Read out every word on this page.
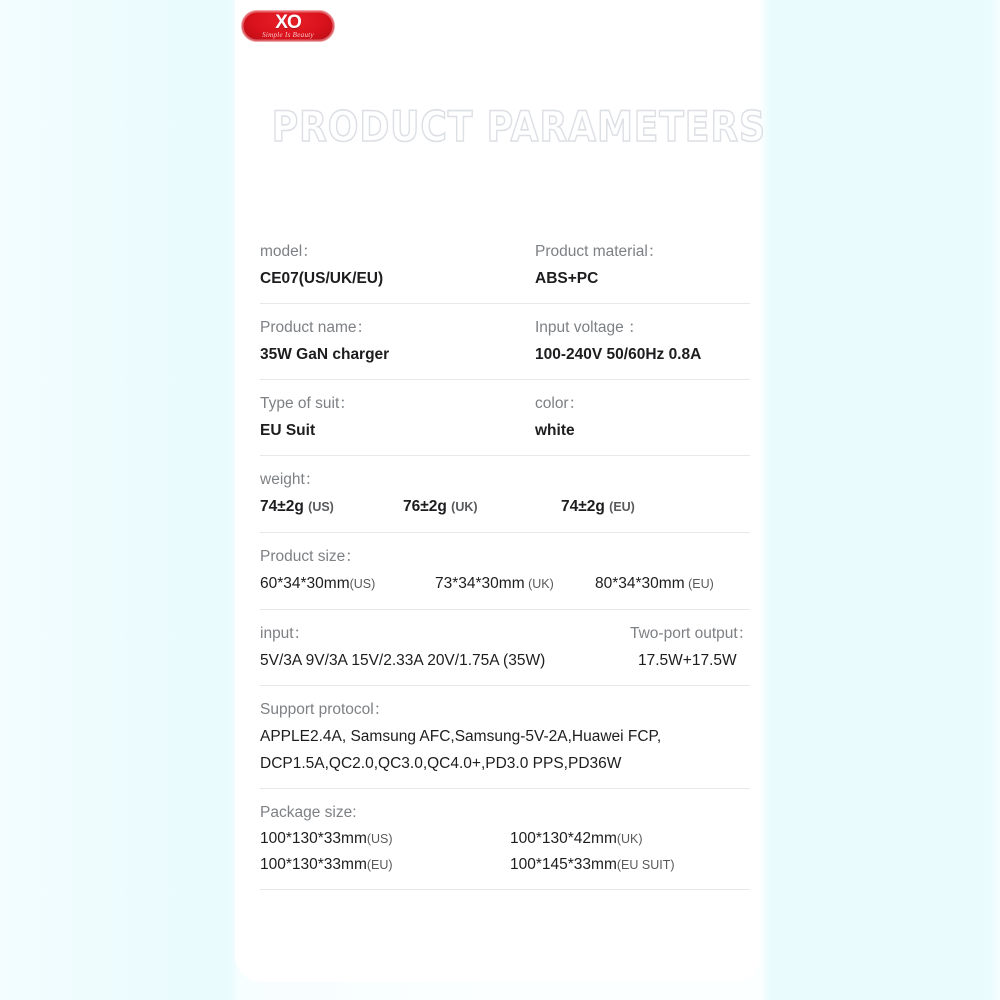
XO
Simple Is Beauty
PRODUCT PARAMETERS
model：
CE07(US/UK/EU)
Product material：
ABS+PC
Product name：
35W GaN charger
Input voltage ：
100-240V 50/60Hz 0.8A
Type of suit：
EU Suit
color：
white
weight：
74±2g (US)	76±2g (UK)	74±2g (EU)
Product size：
60*34*30mm(US)	73*34*30mm (UK)	80*34*30mm (EU)
input：
5V/3A 9V/3A 15V/2.33A 20V/1.75A (35W)
Two-port output：
17.5W+17.5W
Support protocol：
APPLE2.4A, Samsung AFC,Samsung-5V-2A,Huawei FCP,
DCP1.5A,QC2.0,QC3.0,QC4.0+,PD3.0 PPS,PD36W
Package size:
100*130*33mm(US)	100*130*42mm(UK)
100*130*33mm(EU)	100*145*33mm(EU SUIT)
